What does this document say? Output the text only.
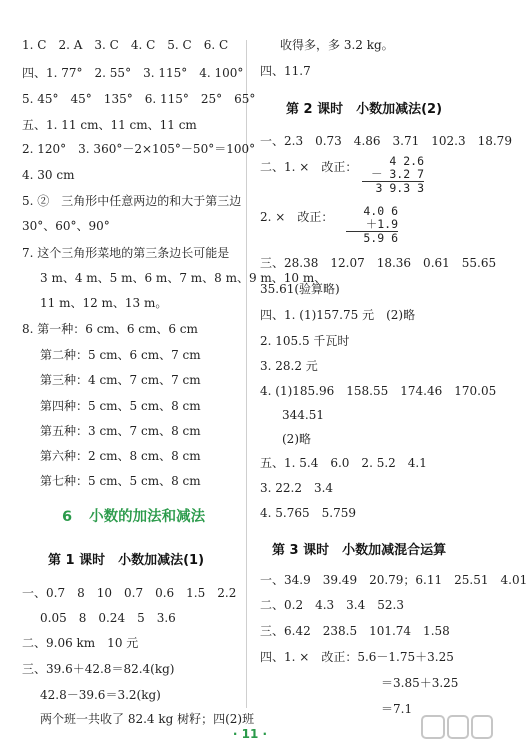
1. C　2. A　3. C　4. C　5. C　6. C
四、1. 77°　2. 55°　3. 115°　4. 100°
5. 45°　45°　135°　6. 115°　25°　65°
五、1. 11 cm、11 cm、11 cm
2. 120°　3. 360°－2×105°－50°＝100°
4. 30 cm
5. ②　三角形中任意两边的和大于第三边
30°、60°、90°
7. 这个三角形菜地的第三条边长可能是
3 m、4 m、5 m、6 m、7 m、8 m、9 m、10 m、
11 m、12 m、13 m。
8. 第一种：6 cm、6 cm、6 cm
第二种：5 cm、6 cm、7 cm
第三种：4 cm、7 cm、7 cm
第四种：5 cm、5 cm、8 cm
第五种：3 cm、7 cm、8 cm
第六种：2 cm、8 cm、8 cm
第七种：5 cm、5 cm、8 cm
6 小数的加法和减法
第 1 课时　小数加减法(1)
一、0.7　8　10　0.7　0.6　1.5　2.2
0.05　8　0.24　5　3.6
二、9.06 km　10 元
三、39.6＋42.8＝82.4(kg)
42.8－39.6＝3.2(kg)
两个班一共收了 82.4 kg 树籽；四(2)班
收得多，多 3.2 kg。
四、11.7
第 2 课时　小数加减法(2)
一、2.3　0.73　4.86　3.71　102.3　18.79
二、1. ×　改正：	4 2.6
－ 3.2 7
3 9.3 3
2. ×　改正：	4.0 6
＋1.9
5.9 6
三、28.38　12.07　18.36　0.61　55.65
35.61(验算略)
四、1. (1)157.75 元　(2)略
2. 105.5 千瓦时
3. 28.2 元
4. (1)185.96　158.55　174.46　170.05
344.51
(2)略
五、1. 5.4　6.0　2. 5.2　4.1
3. 22.2　3.4
4. 5.765　5.759
第 3 课时　小数加减混合运算
一、34.9　39.49　20.79；6.11　25.51　4.01
二、0.2　4.3　3.4　52.3
三、6.42　238.5　101.74　1.58
四、1. ×　改正：5.6－1.75＋3.25
＝3.85＋3.25
＝7.1
· 11 ·
